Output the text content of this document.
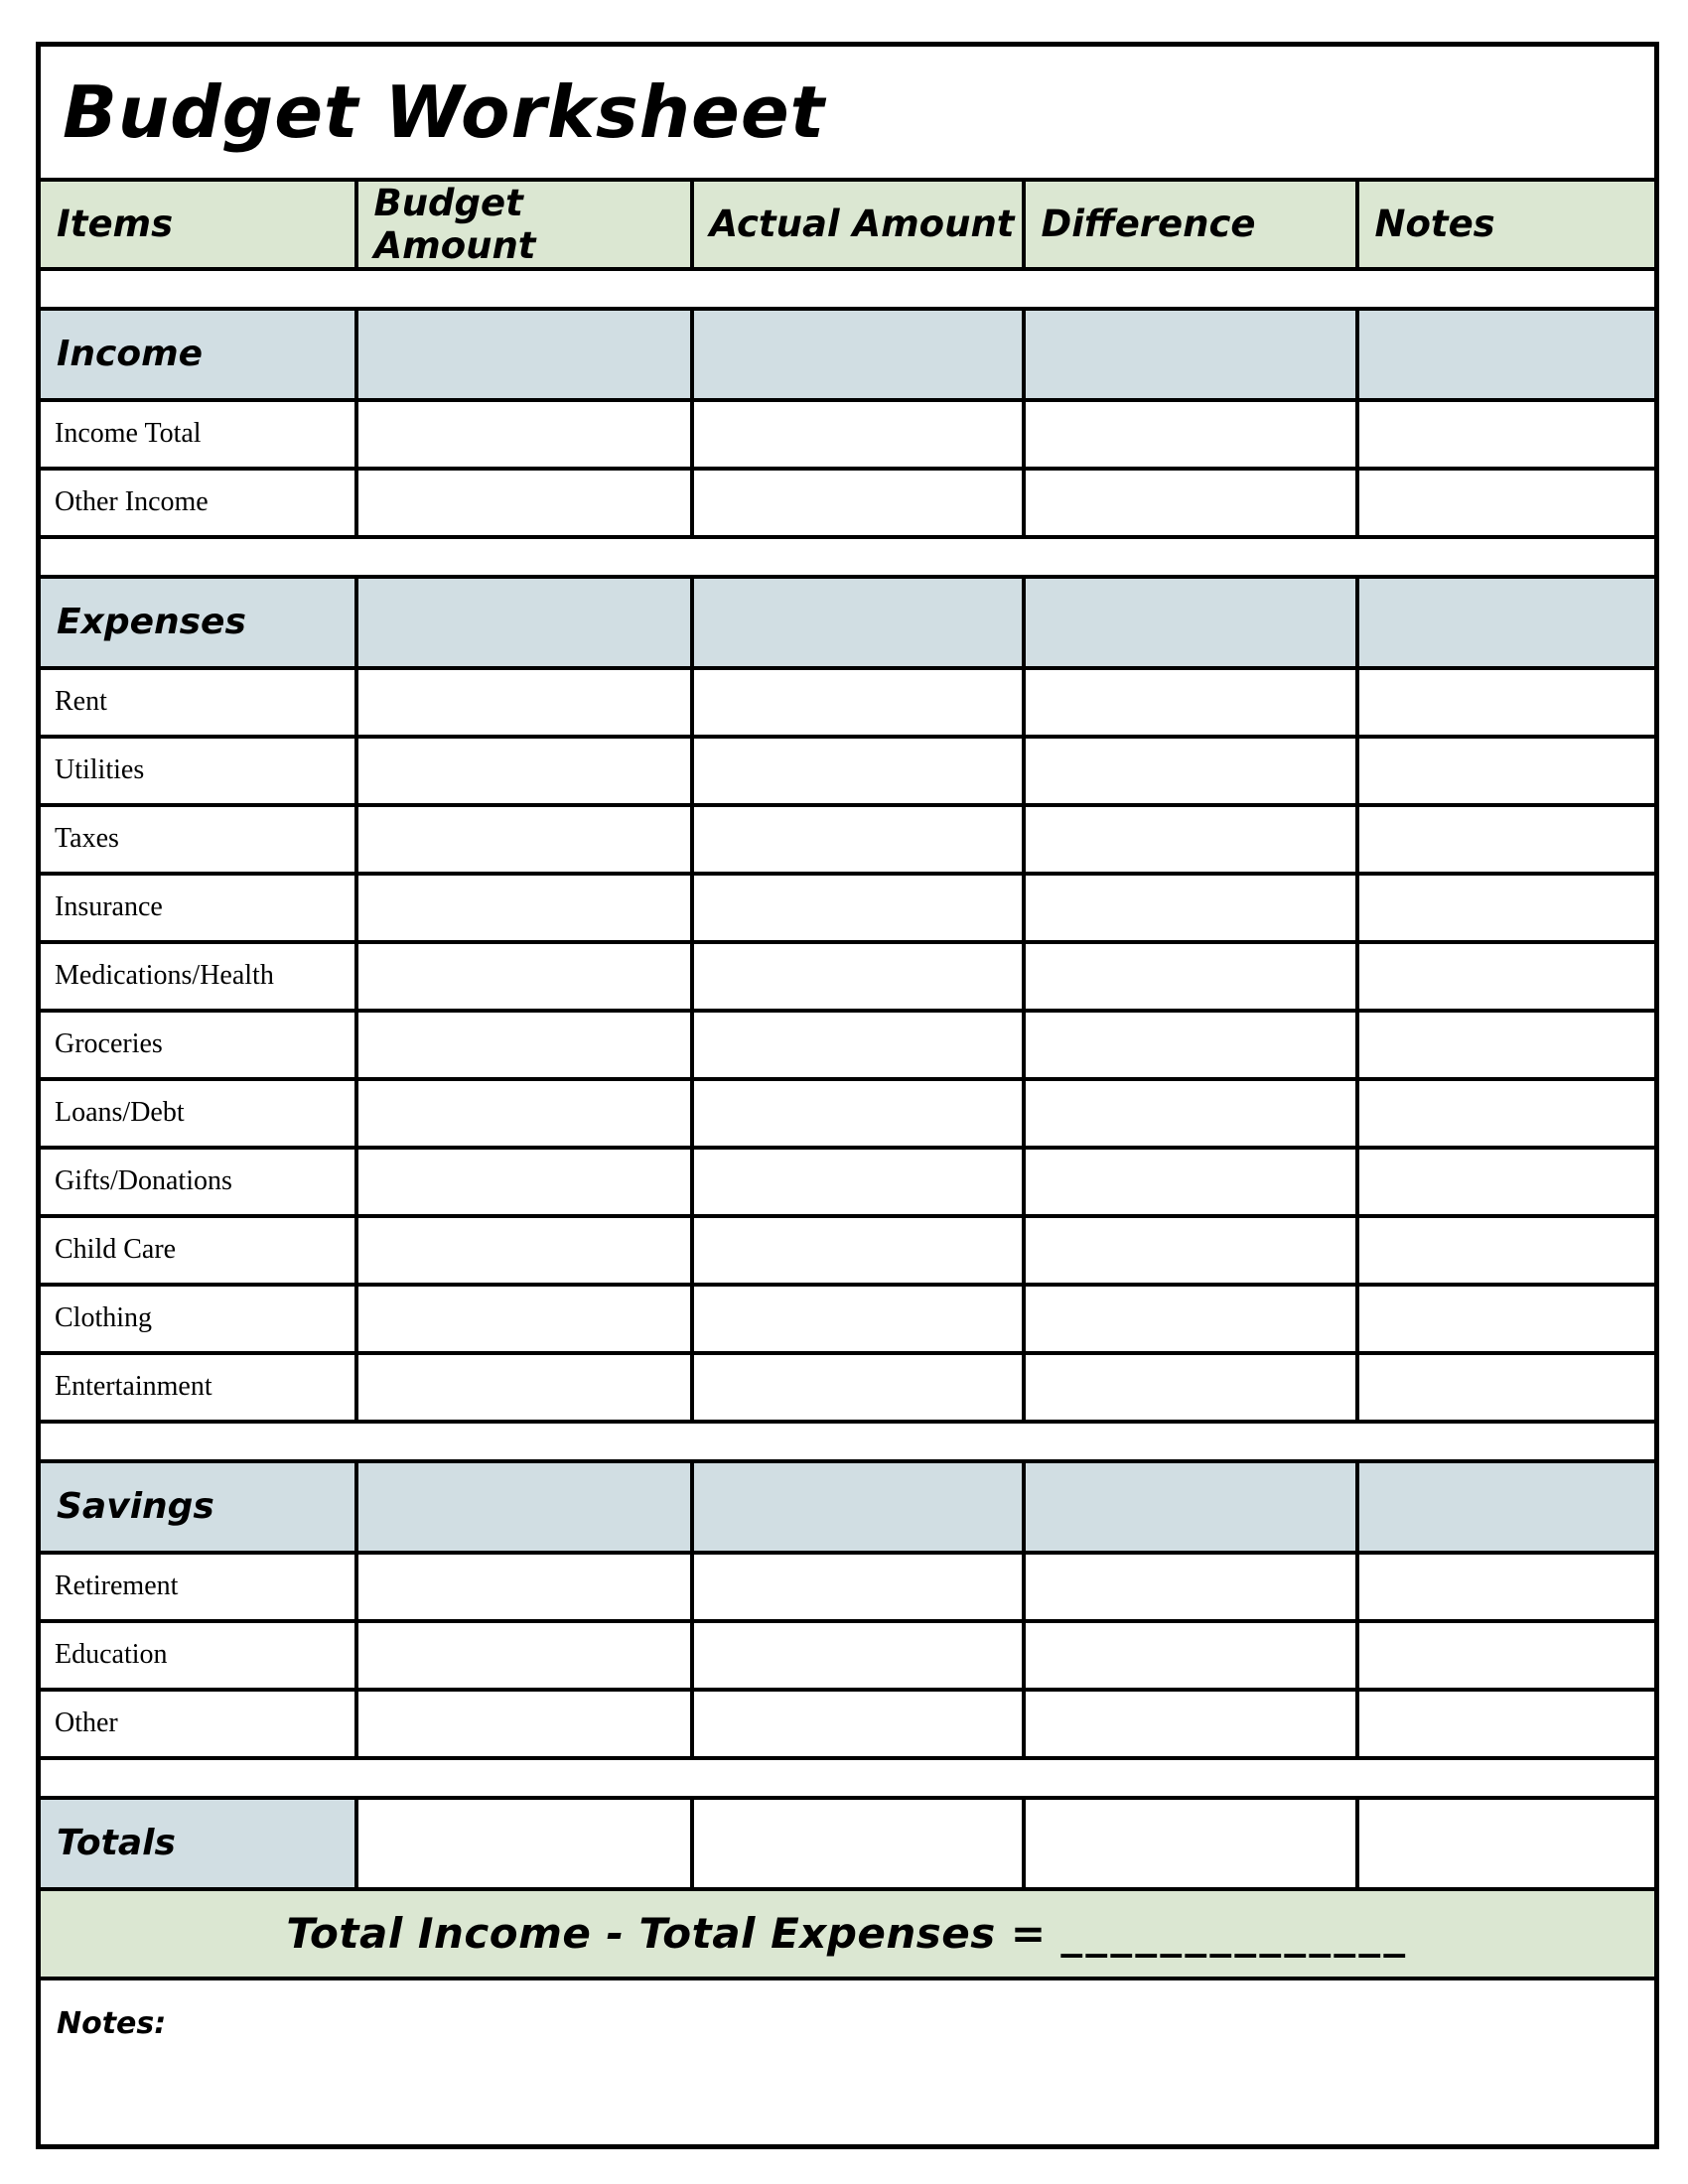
Budget Worksheet				

Items	Budget Amount	Actual Amount	Difference	Notes

Income				

Income Total				

Other Income				

Expenses				

Rent				

Utilities				

Taxes				

Insurance				

Medications/Health				

Groceries				

Loans/Debt				

Gifts/Donations				

Child Care				

Clothing				

Entertainment				

Savings				

Retirement				

Education				

Other				

Totals				

Total Income - Total Expenses = ______________				

Notes:				
